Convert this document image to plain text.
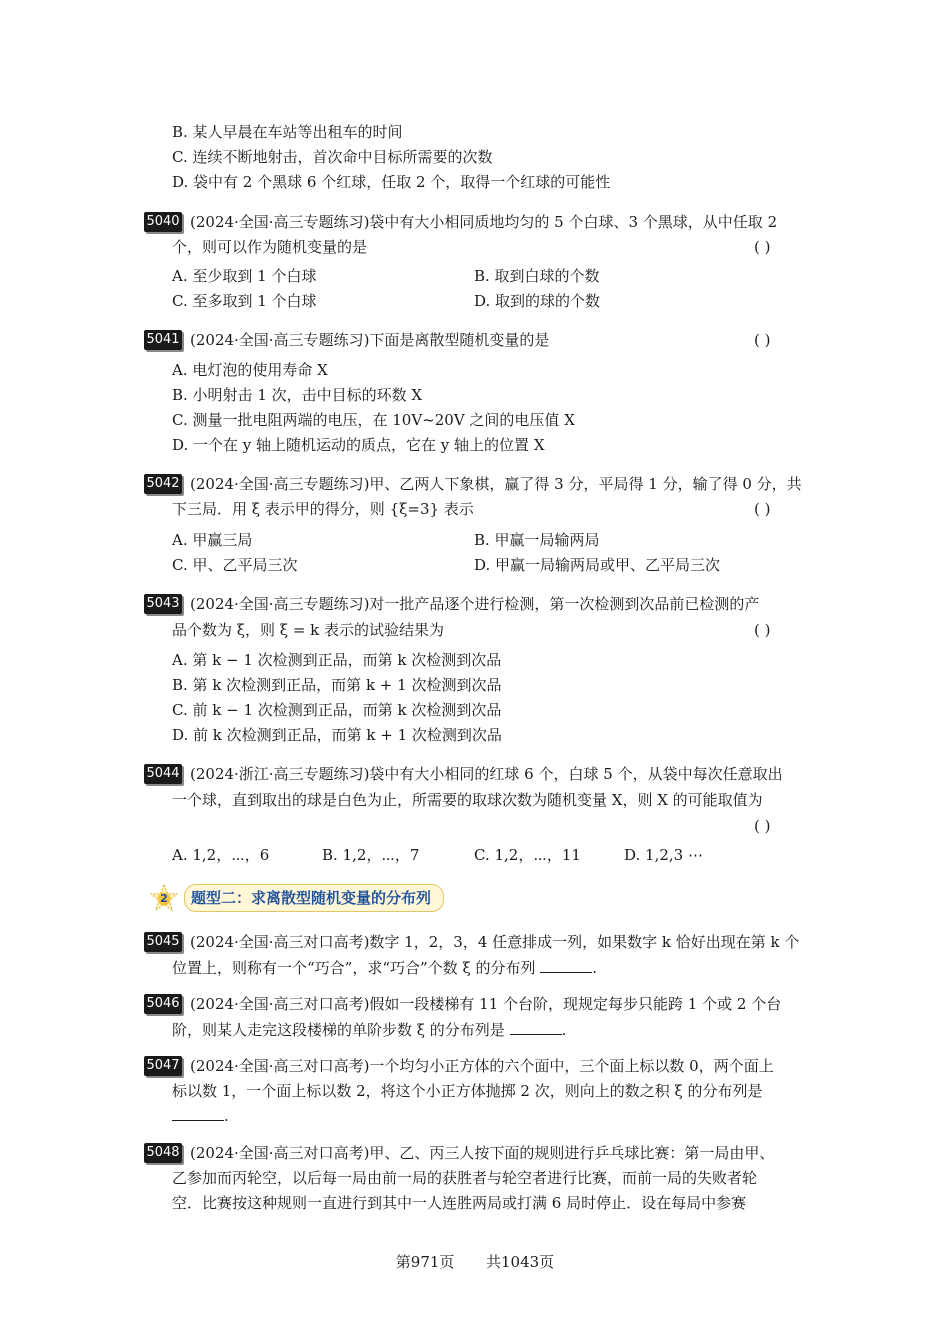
B. 某人早晨在车站等出租车的时间
C. 连续不断地射击，首次命中目标所需要的次数
D. 袋中有 2 个黑球 6 个红球，任取 2 个，取得一个红球的可能性
5040 (2024·全国·高三专题练习)袋中有大小相同质地均匀的 5 个白球、3 个黑球，从中任取 2
个，则可以作为随机变量的是	( )
A. 至少取到 1 个白球	B. 取到白球的个数
C. 至多取到 1 个白球	D. 取到的球的个数
5041 (2024·全国·高三专题练习)下面是离散型随机变量的是	( )
A. 电灯泡的使用寿命 X
B. 小明射击 1 次，击中目标的环数 X
C. 测量一批电阻两端的电压，在 10V~20V 之间的电压值 X
D. 一个在 y 轴上随机运动的质点，它在 y 轴上的位置 X
5042 (2024·全国·高三专题练习)甲、乙两人下象棋，赢了得 3 分，平局得 1 分，输了得 0 分，共
下三局．用 ξ 表示甲的得分，则 {ξ=3} 表示	( )
A. 甲赢三局	B. 甲赢一局输两局
C. 甲、乙平局三次	D. 甲赢一局输两局或甲、乙平局三次
5043 (2024·全国·高三专题练习)对一批产品逐个进行检测，第一次检测到次品前已检测的产
品个数为 ξ，则 ξ = k 表示的试验结果为	( )
A. 第 k − 1 次检测到正品，而第 k 次检测到次品
B. 第 k 次检测到正品，而第 k + 1 次检测到次品
C. 前 k − 1 次检测到正品，而第 k 次检测到次品
D. 前 k 次检测到正品，而第 k + 1 次检测到次品
5044 (2024·浙江·高三专题练习)袋中有大小相同的红球 6 个，白球 5 个，从袋中每次任意取出
一个球，直到取出的球是白色为止，所需要的取球次数为随机变量 X，则 X 的可能取值为
( )
A. 1,2，⋯，6	B. 1,2，⋯，7	C. 1,2，⋯，11	D. 1,2,3 ⋯
2	题型二：求离散型随机变量的分布列
5045 (2024·全国·高三对口高考)数字 1，2，3，4 任意排成一列，如果数字 k 恰好出现在第 k 个
位置上，则称有一个“巧合”，求“巧合”个数 ξ 的分布列	.
5046 (2024·全国·高三对口高考)假如一段楼梯有 11 个台阶，现规定每步只能跨 1 个或 2 个台
阶，则某人走完这段楼梯的单阶步数 ξ 的分布列是	.
5047 (2024·全国·高三对口高考)一个均匀小正方体的六个面中，三个面上标以数 0，两个面上
标以数 1，一个面上标以数 2，将这个小正方体抛掷 2 次，则向上的数之积 ξ 的分布列是
.
5048 (2024·全国·高三对口高考)甲、乙、丙三人按下面的规则进行乒乓球比赛：第一局由甲、
乙参加而丙轮空，以后每一局由前一局的获胜者与轮空者进行比赛，而前一局的失败者轮
空．比赛按这种规则一直进行到其中一人连胜两局或打满 6 局时停止．设在每局中参赛
第971页 共1043页
